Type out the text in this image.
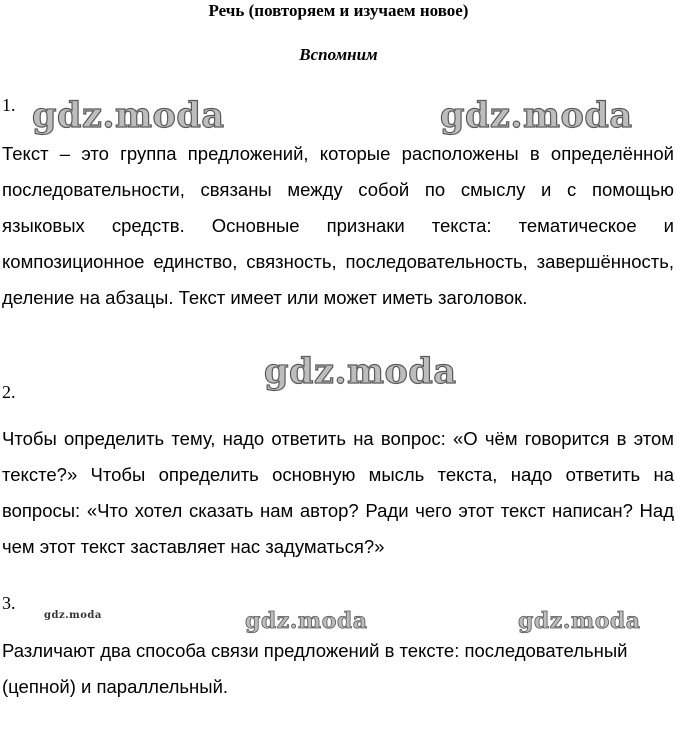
Речь (повторяем и изучаем новое)
Вспомним
1.

Текст – это группа предложений, которые расположены в определённой последовательности, связаны между собой по смыслу и с помощью языковых средств. Основные признаки текста: тематическое и композиционное единство, связность, последовательность, завершённость, деление на абзацы. Текст имеет или может иметь заголовок.

2.

Чтобы определить тему, надо ответить на вопрос: «О чём говорится в этом тексте?» Чтобы определить основную мысль текста, надо ответить на вопросы: «Что хотел сказать нам автор? Ради чего этот текст написан? Над чем этот текст заставляет нас задуматься?»

3.

Различают два способа связи предложений в тексте: последовательный (цепной) и параллельный.

gdz.moda	gdz.moda
gdz.moda
gdz.moda	gdz.moda	gdz.moda
